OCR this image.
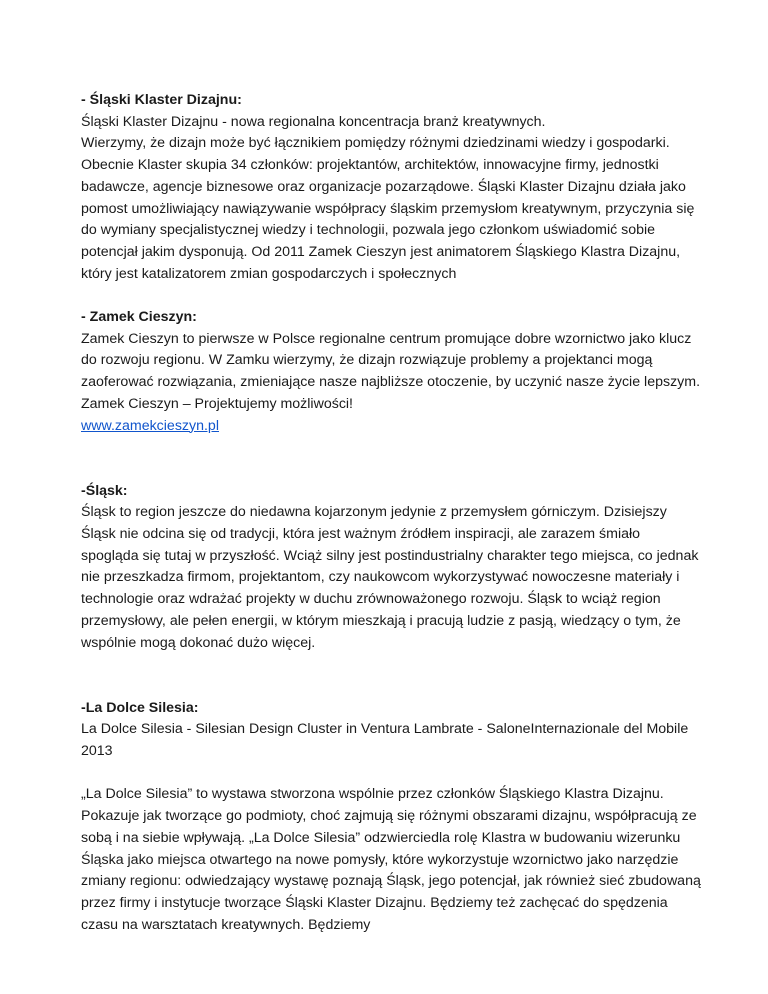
- Śląski Klaster Dizajnu:
Śląski Klaster Dizajnu - nowa regionalna koncentracja branż kreatywnych.
Wierzymy, że dizajn może być łącznikiem pomiędzy różnymi dziedzinami wiedzy i gospodarki. Obecnie Klaster skupia 34 członków: projektantów, architektów, innowacyjne firmy, jednostki badawcze, agencje biznesowe oraz organizacje pozarządowe. Śląski Klaster Dizajnu działa jako pomost umożliwiający nawiązywanie współpracy śląskim przemysłom kreatywnym, przyczynia się do wymiany specjalistycznej wiedzy i technologii, pozwala jego członkom uświadomić sobie potencjał jakim dysponują. Od 2011 Zamek Cieszyn jest animatorem Śląskiego Klastra Dizajnu, który jest katalizatorem zmian gospodarczych i społecznych
- Zamek Cieszyn:
Zamek Cieszyn to pierwsze w Polsce regionalne centrum promujące dobre wzornictwo jako klucz do rozwoju regionu. W Zamku wierzymy, że dizajn rozwiązuje problemy a projektanci mogą zaoferować rozwiązania, zmieniające nasze najbliższe otoczenie, by uczynić nasze życie lepszym.
Zamek Cieszyn – Projektujemy możliwości!
www.zamekcieszyn.pl
-Śląsk:
Śląsk to region jeszcze do niedawna kojarzonym jedynie z przemysłem górniczym. Dzisiejszy Śląsk nie odcina się od tradycji, która jest ważnym źródłem inspiracji, ale zarazem śmiało spogląda się tutaj w przyszłość. Wciąż silny jest postindustrialny charakter tego miejsca, co jednak nie przeszkadza firmom, projektantom, czy naukowcom wykorzystywać nowoczesne materiały i technologie oraz wdrażać projekty w duchu zrównoważonego rozwoju. Śląsk to wciąż region przemysłowy, ale pełen energii, w którym mieszkają i pracują ludzie z pasją, wiedzący o tym, że wspólnie mogą dokonać dużo więcej.
-La Dolce Silesia:
La Dolce Silesia - Silesian Design Cluster in Ventura Lambrate - SaloneInternazionale del Mobile 2013
„La Dolce Silesia” to wystawa stworzona wspólnie przez członków Śląskiego Klastra Dizajnu. Pokazuje jak tworzące go podmioty, choć zajmują się różnymi obszarami dizajnu, współpracują ze sobą i na siebie wpływają. „La Dolce Silesia” odzwierciedla rolę Klastra w budowaniu wizerunku Śląska jako miejsca otwartego na nowe pomysły, które wykorzystuje wzornictwo jako narzędzie zmiany regionu: odwiedzający wystawę poznają Śląsk, jego potencjał, jak również sieć zbudowaną przez firmy i instytucje tworzące Śląski Klaster Dizajnu. Będziemy też zachęcać do spędzenia czasu na warsztatach kreatywnych. Będziemy
